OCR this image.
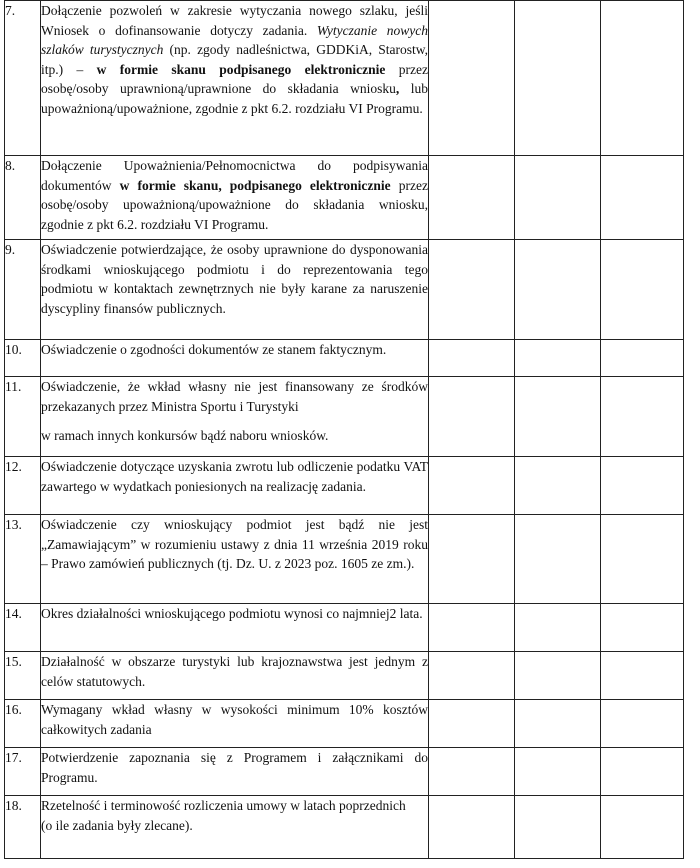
7.	Dołączenie pozwoleń w zakresie wytyczania nowego szlaku, jeśli Wniosek o dofinansowanie dotyczy zadania. Wytyczanie nowych szlaków turystycznych (np. zgody nadleśnictwa, GDDKiA, Starostw, itp.) – w formie skanu podpisanego elektronicznie przez osobę/osoby uprawnioną/uprawnione do składania wniosku, lub upoważnioną/upoważnione, zgodnie z pkt 6.2. rozdziału VI Programu.			
8.	Dołączenie Upoważnienia/Pełnomocnictwa do podpisywania dokumentów w formie skanu, podpisanego elektronicznie przez osobę/osoby upoważnioną/upoważnione do składania wniosku, zgodnie z pkt 6.2. rozdziału VI Programu.			
9.	Oświadczenie potwierdzające, że osoby uprawnione do dysponowania środkami wnioskującego podmiotu i do reprezentowania tego podmiotu w kontaktach zewnętrznych nie były karane za naruszenie dyscypliny finansów publicznych.			
10.	Oświadczenie o zgodności dokumentów ze stanem faktycznym.			
11.	Oświadczenie, że wkład własny nie jest finansowany ze środków przekazanych przez Ministra Sportu i Turystyki
w ramach innych konkursów bądź naboru wniosków.			

12.	Oświadczenie dotyczące uzyskania zwrotu lub odliczenie podatku VAT zawartego w wydatkach poniesionych na realizację zadania.			
13.	Oświadczenie czy wnioskujący podmiot jest bądź nie jest „Zamawiającym” w rozumieniu ustawy z dnia 11 września 2019 roku – Prawo zamówień publicznych (tj. Dz. U. z 2023 poz. 1605 ze zm.).			
14.	Okres działalności wnioskującego podmiotu wynosi co najmniej2 lata.			
15.	Działalność w obszarze turystyki lub krajoznawstwa jest jednym z celów statutowych.			
16.	Wymagany wkład własny w wysokości minimum 10% kosztów całkowitych zadania			
17.	Potwierdzenie zapoznania się z Programem i załącznikami do Programu.			
18.	Rzetelność i terminowość rozliczenia umowy w latach poprzednich
(o ile zadania były zlecane).			
